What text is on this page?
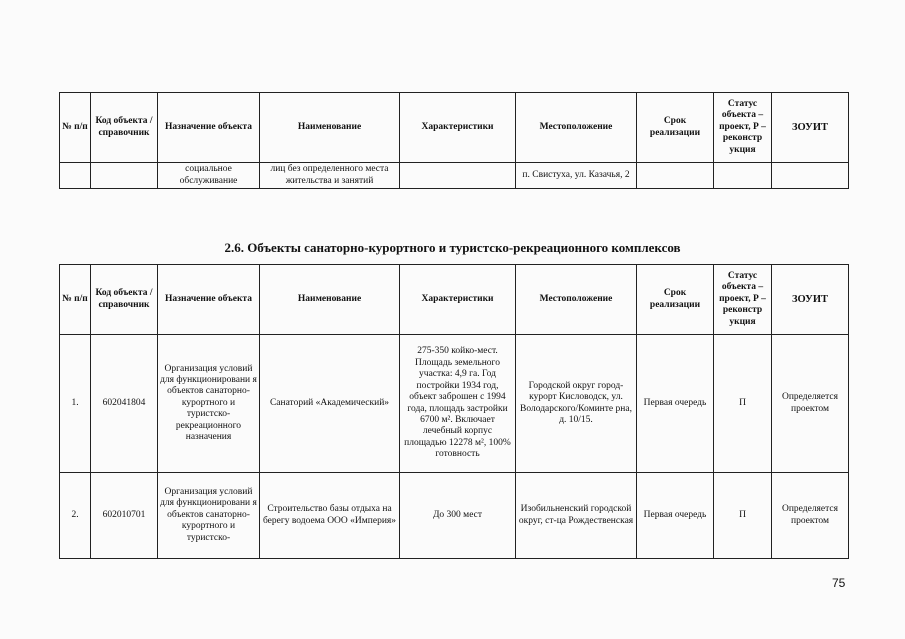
№ п/п	Код объекта / справочник	Назначение объекта	Наименование	Характеристики	Местоположение	Срок реализации	Статус объекта – проект, Р – реконстр укция	ЗОУИТ
		социальное обслуживание	лиц без определенного места жительства и занятий		п. Свистуха, ул. Казачья, 2			
2.6. Объекты санаторно-курортного и туристско-рекреационного комплексов
№ п/п	Код объекта / справочник	Назначение объекта	Наименование	Характеристики	Местоположение	Срок реализации	Статус объекта – проект, Р – реконстр укция	ЗОУИТ
1.	602041804	Организация условий для функционировани я объектов санаторно-курортного и туристско-рекреационного назначения	Санаторий «Академический»	275-350 койко-мест. Площадь земельного участка: 4,9 га. Год постройки 1934 год, объект заброшен с 1994 года, площадь застройки 6700 м². Включает лечебный корпус площадью 12278 м², 100% готовность	Городской округ город-курорт Кисловодск, ул. Володарского/Коминте рна, д. 10/15.	Первая очередь	П	Определяется проектом
2.	602010701	Организация условий для функционировани я объектов санаторно-курортного и туристско-	Строительство базы отдыха на берегу водоема ООО «Империя»	До 300 мест	Изобильненский городской округ, ст-ца Рождественская	Первая очередь	П	Определяется проектом
75
